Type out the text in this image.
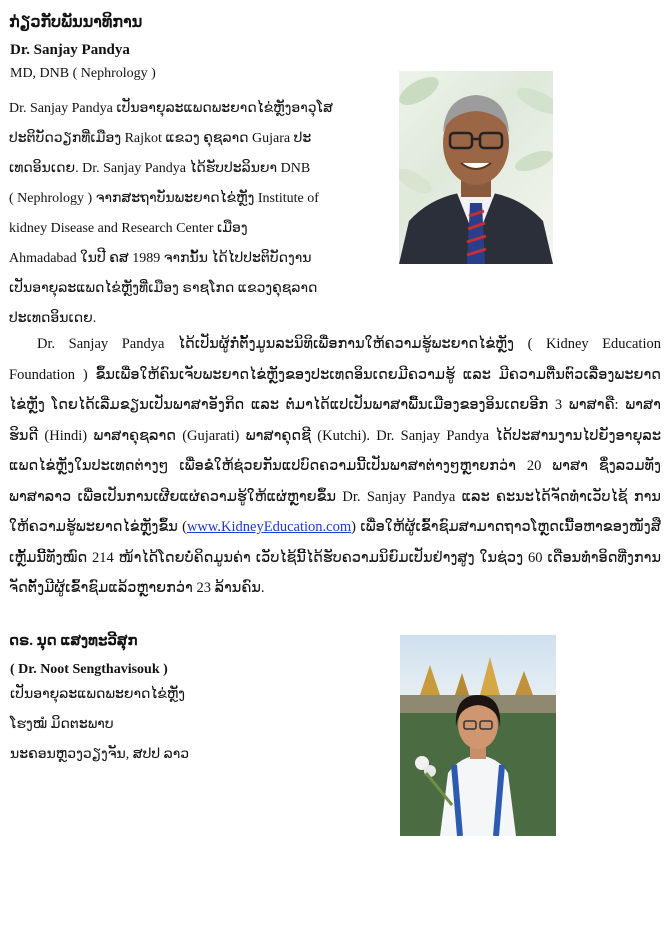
ກ່ຽວກັບພັນນາທິການ
Dr. Sanjay Pandya
MD, DNB ( Nephrology )
Dr. Sanjay Pandya ເປັນອາຍຸລະແພດພະຍາດໄຂ່ຫຼັງອາວຸໂສ
ປະຕິບັດວຽກທີ່ເມືອງ Rajkot ແຂວງ ຄຸຊລາດ Gujara ປະ
ເທດອິນເດຍ. Dr. Sanjay Pandya ໄດ້ຮັບປະລິນຍາ DNB
( Nephrology ) ຈາກສະຖາບັນພະຍາດໄຂ່ຫຼັງ Institute of
kidney Disease and Research Center ເມືອງ
Ahmadabad ໃນປີ ຄສ 1989 ຈາກນັ້ນ ໄດ້ໄປປະຕິບັດງານ
ເປັນອາຍຸລະແພດໄຂ່ຫຼັງທີ່ເມືອງ ຣາຊໂກດ ແຂວງຄຸຊລາດ
ປະເທດອິນເດຍ.
Dr. Sanjay Pandya ໄດ້ເປັນຜູ້ກໍ່ຕັ້ງມູນລະນິທິເພື່ອການໃຫ້ຄວາມຮູ້ພະຍາດໄຂ່ຫຼັງ ( Kidney Education Foundation ) ຂຶ້ນເພື່ອໃຫ້ຄົນເຈັບພະຍາດໄຂ່ຫຼັງຂອງປະເທດອິນເດຍມີຄວາມຮູ້ ແລະ ມີຄວາມຕື່ນຕົວເລື່ອງພະຍາດໄຂ່ຫຼັງ ໂດຍໄດ້ເລີ່ມຂຽນເປັນພາສາອັງກິດ ແລະ ຕໍ່ມາໄດ້ແປເປັນພາສາພື້ນເມືອງຂອງອິນເດຍອີກ 3 ພາສາຄື: ພາສາຮິນດີ (Hindi) ພາສາຄຸຊລາດ (Gujarati) ພາສາຄຸດຊີ (Kutchi). Dr. Sanjay Pandya ໄດ້ປະສານງານໄປຍັງອາຍຸລະແພດໄຂ່ຫຼັງໃນປະເທດຕ່າງໆ ເພື່ອຂໍໃຫ້ຊ່ວຍກັນແປບົດຄວາມນີ້ເປັນພາສາຕ່າງໆຫຼາຍກວ່າ 20 ພາສາ ຊຶ່ງລວມທັງພາສາລາວ ເພື່ອເປັນການເຜີຍແຜ່ຄວາມຮູ້ໃຫ້ແຜ່ຫຼາຍຂຶ້ນ Dr. Sanjay Pandya ແລະ ຄະນະໄດ້ຈັດທຳເວັບໄຊ້ ການໃຫ້ຄວາມຮູ້ພະຍາດໄຂ່ຫຼັງຂຶ້ນ (www.KidneyEducation.com) ເພື່ອໃຫ້ຜູ້ເຂົ້າຊົມສາມາດຖາວໂຫຼດເນື້ອຫາຂອງໜັງສືເຫຼັ້ມນີ້ທັງໝົດ 214 ໜ້າໄດ້ໂດຍບໍ່ຄິດມູນຄ່າ ເວັບໄຊ້ນີ້ໄດ້ຮັບຄວາມນິຍົມເປັນຢ່າງສູງ ໃນຊ່ວງ 60 ເດືອນທຳອິດທີ່ງການຈັດຕັ້ງມີຜູ້ເຂົ້າຊົມແລ້ວຫຼາຍກວ່າ 23 ລ້ານຄົນ.
ດຣ. ນຸດ ແສງທະວີສຸກ
( Dr. Noot Sengthavisouk )
ເປັນອາຍຸລະແພດພະຍາດໄຂ່ຫຼັງ
ໂຮງໝໍ ມິດຕະພາບ
ນະຄອນຫຼວງວຽງຈັນ, ສປປ ລາວ
